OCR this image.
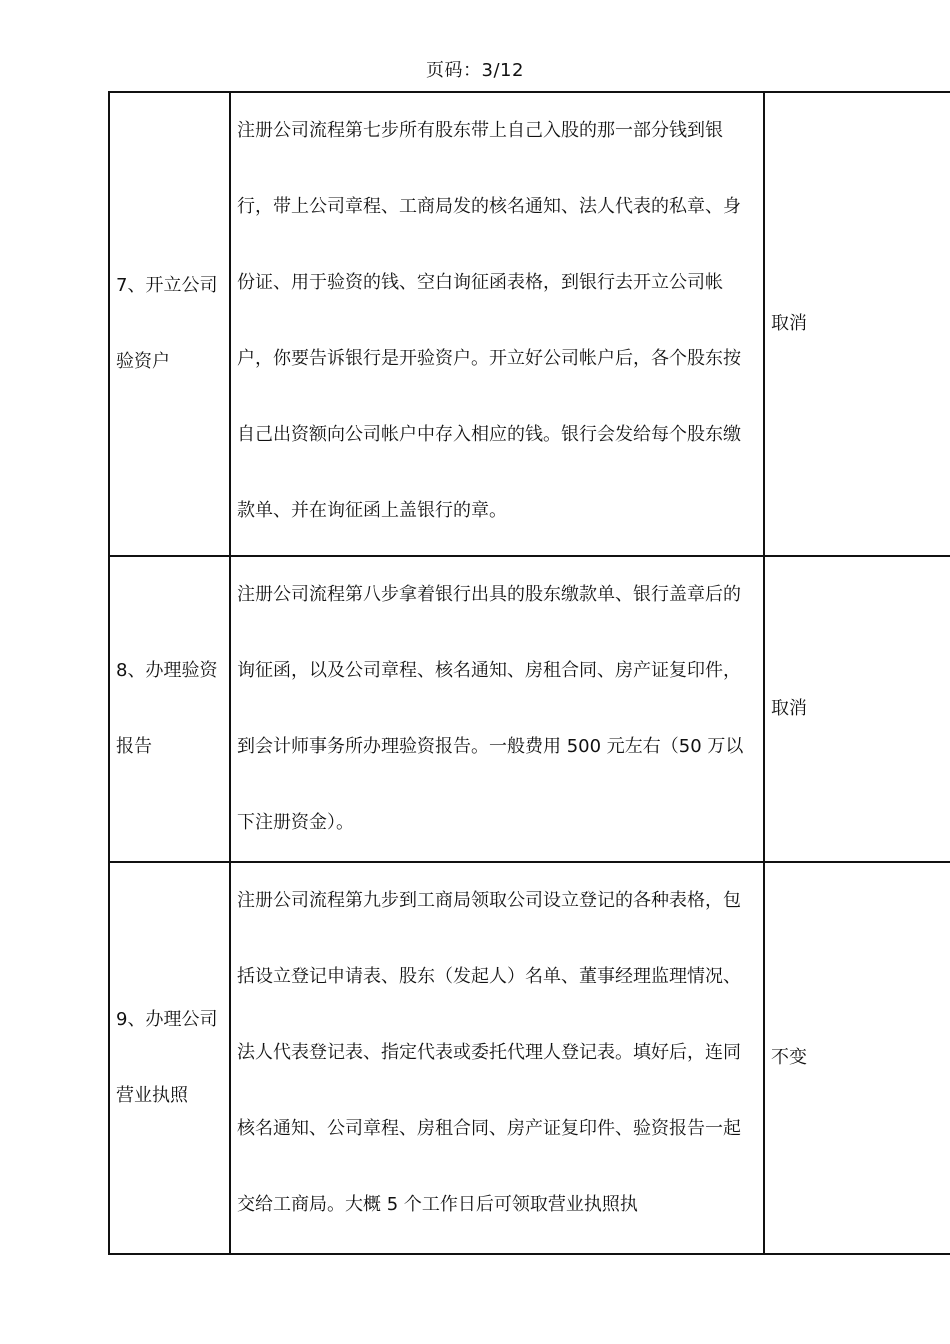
页码：3/12
7、开立公司验资户	注册公司流程第七步所有股东带上自己入股的那一部分钱到银行，带上公司章程、工商局发的核名通知、法人代表的私章、身份证、用于验资的钱、空白询征函表格，到银行去开立公司帐户，你要告诉银行是开验资户。开立好公司帐户后，各个股东按自己出资额向公司帐户中存入相应的钱。银行会发给每个股东缴款单、并在询征函上盖银行的章。	取消
8、办理验资报告	注册公司流程第八步拿着银行出具的股东缴款单、银行盖章后的询征函，以及公司章程、核名通知、房租合同、房产证复印件，到会计师事务所办理验资报告。一般费用 500 元左右（50 万以下注册资金）。	取消
9、办理公司营业执照	注册公司流程第九步到工商局领取公司设立登记的各种表格，包括设立登记申请表、股东（发起人）名单、董事经理监理情况、法人代表登记表、指定代表或委托代理人登记表。填好后，连同核名通知、公司章程、房租合同、房产证复印件、验资报告一起交给工商局。大概 5 个工作日后可领取营业执照执	不变
